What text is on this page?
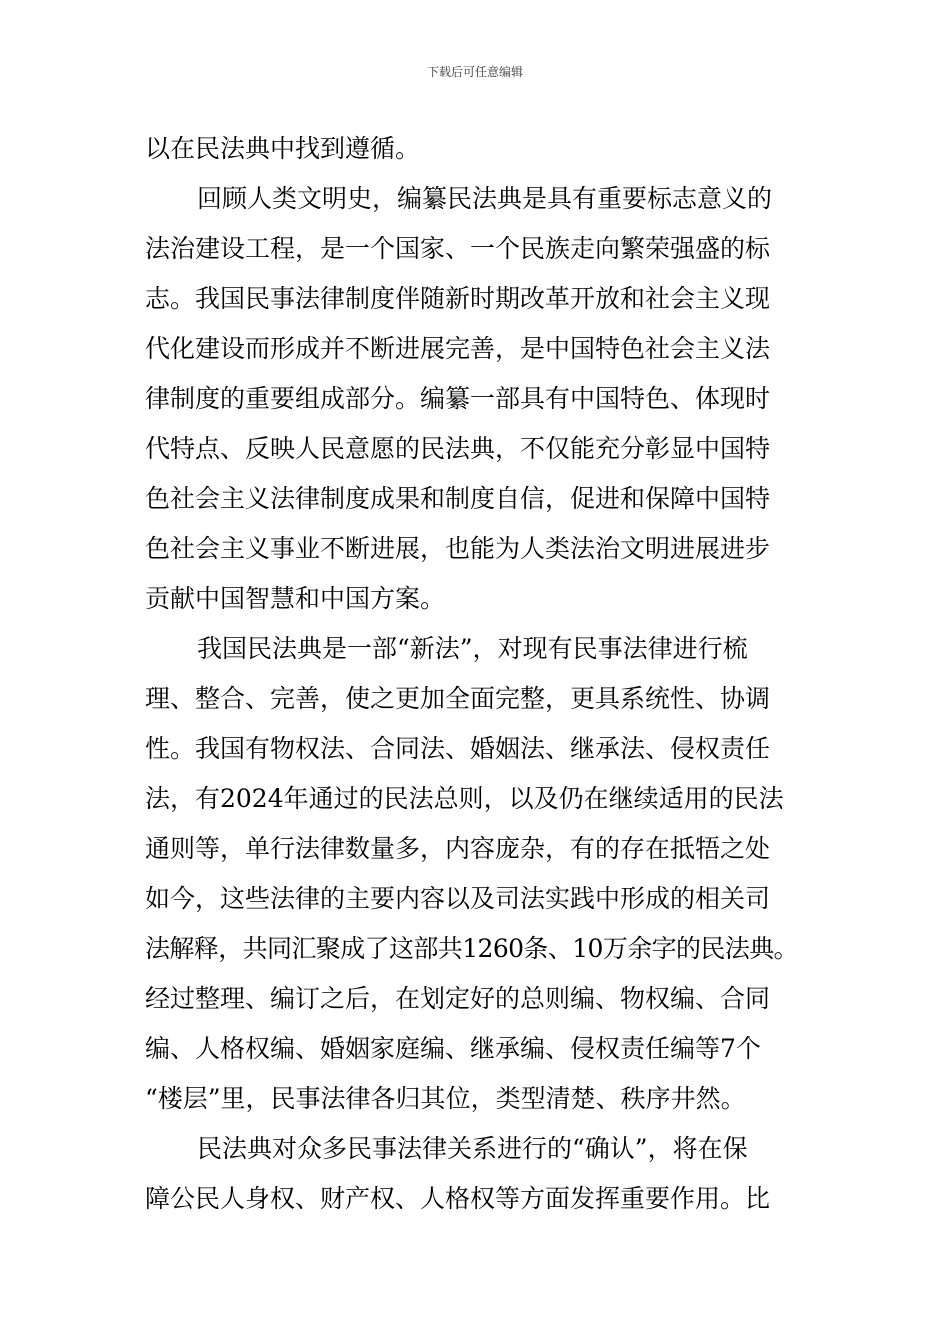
下载后可任意编辑
以在民法典中找到遵循。
回顾人类文明史，编纂民法典是具有重要标志意义的
法治建设工程，是一个国家、一个民族走向繁荣强盛的标
志。我国民事法律制度伴随新时期改革开放和社会主义现
代化建设而形成并不断进展完善，是中国特色社会主义法
律制度的重要组成部分。编纂一部具有中国特色、体现时
代特点、反映人民意愿的民法典，不仅能充分彰显中国特
色社会主义法律制度成果和制度自信，促进和保障中国特
色社会主义事业不断进展，也能为人类法治文明进展进步
贡献中国智慧和中国方案。
我国民法典是一部“新法”，对现有民事法律进行梳
理、整合、完善，使之更加全面完整，更具系统性、协调
性。我国有物权法、合同法、婚姻法、继承法、侵权责任
法，有2024年通过的民法总则，以及仍在继续适用的民法
通则等，单行法律数量多，内容庞杂，有的存在抵牾之处
如今，这些法律的主要内容以及司法实践中形成的相关司
法解释，共同汇聚成了这部共1260条、10万余字的民法典。
经过整理、编订之后，在划定好的总则编、物权编、合同
编、人格权编、婚姻家庭编、继承编、侵权责任编等7个
“楼层”里，民事法律各归其位，类型清楚、秩序井然。
民法典对众多民事法律关系进行的“确认”，将在保
障公民人身权、财产权、人格权等方面发挥重要作用。比
